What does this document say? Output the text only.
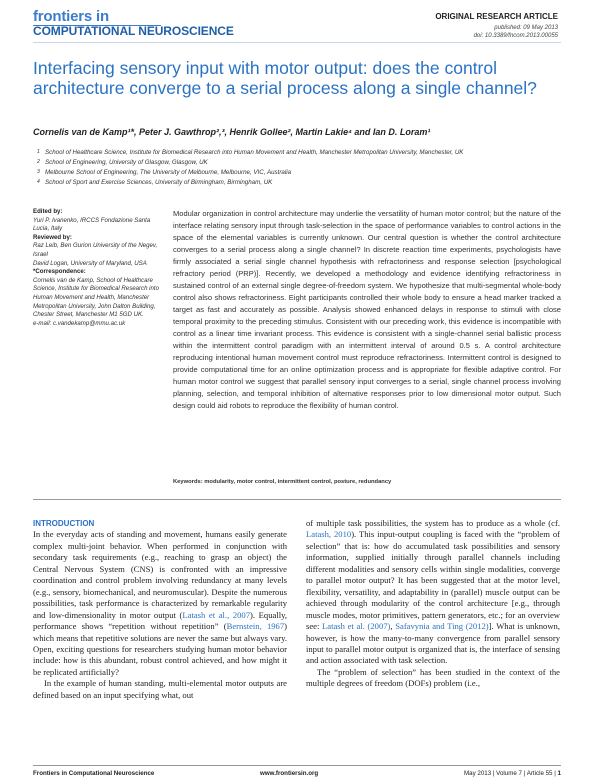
frontiers in
COMPUTATIONAL NEUROSCIENCE
ORIGINAL RESEARCH ARTICLE
published: 09 May 2013
doi: 10.3389/fncom.2013.00055
Interfacing sensory input with motor output: does the control architecture converge to a serial process along a single channel?
Cornelis van de Kamp¹*, Peter J. Gawthrop²,³, Henrik Gollee², Martin Lakie⁴ and Ian D. Loram¹
1 School of Healthcare Science, Institute for Biomedical Research into Human Movement and Health, Manchester Metropolitan University, Manchester, UK
2 School of Engineering, University of Glasgow, Glasgow, UK
3 Melbourne School of Engineering, The University of Melbourne, Melbourne, VIC, Australia
4 School of Sport and Exercise Sciences, University of Birmingham, Birmingham, UK
Edited by:
Yuri P. Ivanenko, IRCCS Fondazione Santa Lucia, Italy
Reviewed by:
Raz Leib, Ben Gurion University of the Negev, Israel
David Logan, University of Maryland, USA
*Correspondence:
Cornelis van de Kamp, School of Healthcare Science, Institute for Biomedical Research into Human Movement and Health, Manchester Metropolitan University, John Dalton Building, Chester Street, Manchester M1 5GD UK.
e-mail: c.vandekamp@mmu.ac.uk
Modular organization in control architecture may underlie the versatility of human motor control; but the nature of the interface relating sensory input through task-selection in the space of performance variables to control actions in the space of the elemental variables is currently unknown. Our central question is whether the control architecture converges to a serial process along a single channel? In discrete reaction time experiments, psychologists have firmly associated a serial single channel hypothesis with refractoriness and response selection [psychological refractory period (PRP)]. Recently, we developed a methodology and evidence identifying refractoriness in sustained control of an external single degree-of-freedom system. We hypothesize that multi-segmental whole-body control also shows refractoriness. Eight participants controlled their whole body to ensure a head marker tracked a target as fast and accurately as possible. Analysis showed enhanced delays in response to stimuli with close temporal proximity to the preceding stimulus. Consistent with our preceding work, this evidence is incompatible with control as a linear time invariant process. This evidence is consistent with a single-channel serial ballistic process within the intermittent control paradigm with an intermittent interval of around 0.5 s. A control architecture reproducing intentional human movement control must reproduce refractoriness. Intermittent control is designed to provide computational time for an online optimization process and is appropriate for flexible adaptive control. For human motor control we suggest that parallel sensory input converges to a serial, single channel process involving planning, selection, and temporal inhibition of alternative responses prior to low dimensional motor output. Such design could aid robots to reproduce the flexibility of human control.
Keywords: modularity, motor control, intermittent control, posture, redundancy
INTRODUCTION
In the everyday acts of standing and movement, humans easily generate complex multi-joint behavior. When performed in conjunction with secondary task requirements (e.g., reaching to grasp an object) the Central Nervous System (CNS) is confronted with an impressive coordination and control problem involving redundancy at many levels (e.g., sensory, biomechanical, and neuromuscular). Despite the numerous possibilities, task performance is characterized by remarkable regularity and low-dimensionality in motor output (Latash et al., 2007). Equally, performance shows “repetition without repetition” (Bernstein, 1967) which means that repetitive solutions are never the same but always vary. Open, exciting questions for researchers studying human motor behavior include: how is this abundant, robust control achieved, and how might it be replicated artificially?
In the example of human standing, multi-elemental motor outputs are defined based on an input specifying what, out
of multiple task possibilities, the system has to produce as a whole (cf. Latash, 2010). This input-output coupling is faced with the “problem of selection” that is: how do accumulated task possibilities and sensory information, supplied initially through parallel channels including different modalities and sensory cells within single modalities, converge to parallel motor output? It has been suggested that at the motor level, flexibility, versatility, and adaptability in (parallel) muscle output can be achieved through modularity of the control architecture [e.g., through muscle modes, motor primitives, pattern generators, etc.; for an overview see: Latash et al. (2007), Safavynia and Ting (2012)]. What is unknown, however, is how the many-to-many convergence from parallel sensory input to parallel motor output is organized that is, the interface of sensing and action associated with task selection.
The “problem of selection” has been studied in the context of the multiple degrees of freedom (DOFs) problem (i.e.,
Frontiers in Computational Neuroscience	www.frontiersin.org	May 2013 | Volume 7 | Article 55 | 1
